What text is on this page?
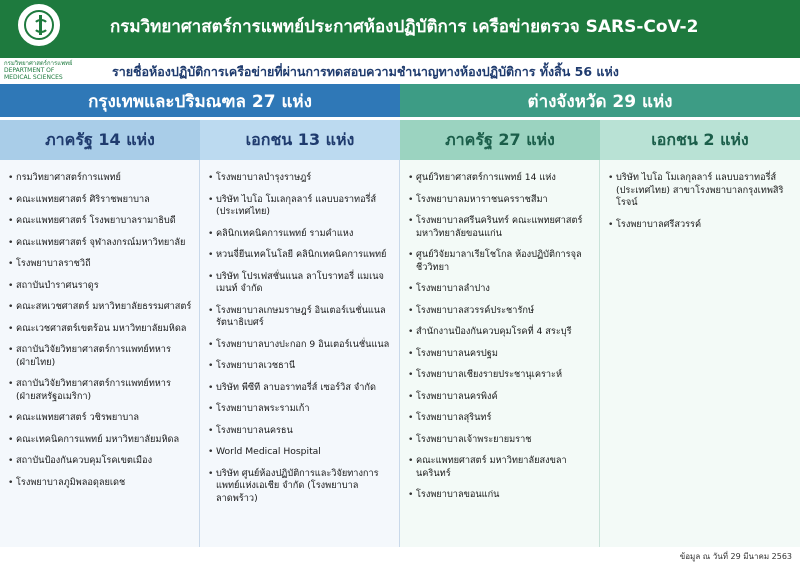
กรมวิทยาศาสตร์การแพทย์ประกาศห้องปฏิบัติการ เครือข่ายตรวจ SARS-CoV-2
กรมวิทยาศาสตร์การแพทย์ DEPARTMENT OF MEDICAL SCIENCES	รายชื่อห้องปฏิบัติการเครือข่ายที่ผ่านการทดสอบความชำนาญทางห้องปฏิบัติการ ทั้งสิ้น 56 แห่ง
กรุงเทพและปริมณฑล 27 แห่ง	ต่างจังหวัด 29 แห่ง
ภาครัฐ 14 แห่ง	เอกชน 13 แห่ง	ภาครัฐ 27 แห่ง	เอกชน 2 แห่ง
• กรมวิทยาศาสตร์การแพทย์
• คณะแพทยศาสตร์ ศิริราชพยาบาล
• คณะแพทยศาสตร์ โรงพยาบาลรามาธิบดี
• คณะแพทยศาสตร์ จุฬาลงกรณ์มหาวิทยาลัย
• โรงพยาบาลราชวิถี
• สถาบันบำราศนราดูร
• คณะสหเวชศาสตร์ มหาวิทยาลัยธรรมศาสตร์
• คณะเวชศาสตร์เขตร้อน มหาวิทยาลัยมหิดล
• สถาบันวิจัยวิทยาศาสตร์การแพทย์ทหาร (ฝ่ายไทย)
• สถาบันวิจัยวิทยาศาสตร์การแพทย์ทหาร (ฝ่ายสหรัฐอเมริกา)
• คณะแพทยศาสตร์ วชิรพยาบาล
• คณะเทคนิคการแพทย์ มหาวิทยาลัยมหิดล
• สถาบันป้องกันควบคุมโรคเขตเมือง
• โรงพยาบาลภูมิพลอดุลยเดช
• โรงพยาบาลบำรุงราษฎร์
• บริษัท ไบโอ โมเลกุลลาร์ แลบบอราทอรี่ส์ (ประเทศไทย)
• คลินิกเทคนิคการแพทย์ รามคำแหง
• หวนจี่ยีนเทคโนโลยี คลินิกเทคนิคการแพทย์
• บริษัท โปรเฟสชั่นแนล ลาโบราทอรี่ แมเนจเมนท์ จำกัด
• โรงพยาบาลเกษมราษฎร์ อินเตอร์เนชั่นแนล รัตนาธิเบศร์
• โรงพยาบาลบางปะกอก 9 อินเตอร์เนชั่นแนล
• โรงพยาบาลเวชธานี
• บริษัท พีซีที ลาบอราทอรี่ส์ เซอร์วิส จำกัด
• โรงพยาบาลพระรามเก้า
• โรงพยาบาลนครธน
• World Medical Hospital
• บริษัท ศูนย์ห้องปฏิบัติการและวิจัยทางการแพทย์แห่งเอเชีย จำกัด (โรงพยาบาลลาดพร้าว)
• ศูนย์วิทยาศาสตร์การแพทย์ 14 แห่ง
• โรงพยาบาลมหาราชนครราชสีมา
• โรงพยาบาลศรีนครินทร์ คณะแพทยศาสตร์ มหาวิทยาลัยขอนแก่น
• ศูนย์วิจัยมาลาเรียโชโกล ห้องปฏิบัติการจุลชีววิทยา
• โรงพยาบาลลำปาง
• โรงพยาบาลสวรรค์ประชารักษ์
• สำนักงานป้องกันควบคุมโรคที่ 4 สระบุรี
• โรงพยาบาลนครปฐม
• โรงพยาบาลเชียงรายประชานุเคราะห์
• โรงพยาบาลนครพิงค์
• โรงพยาบาลสุรินทร์
• โรงพยาบาลเจ้าพระยายมราช
• คณะแพทยศาสตร์ มหาวิทยาลัยสงขลานครินทร์
• โรงพยาบาลขอนแก่น
• บริษัท ไบโอ โมเลกุลลาร์ แลบบอราทอรี่ส์ (ประเทศไทย) สาขาโรงพยาบาลกรุงเทพสิริโรจน์
• โรงพยาบาลศรีสวรรค์
ข้อมูล ณ วันที่ 29 มีนาคม 2563
